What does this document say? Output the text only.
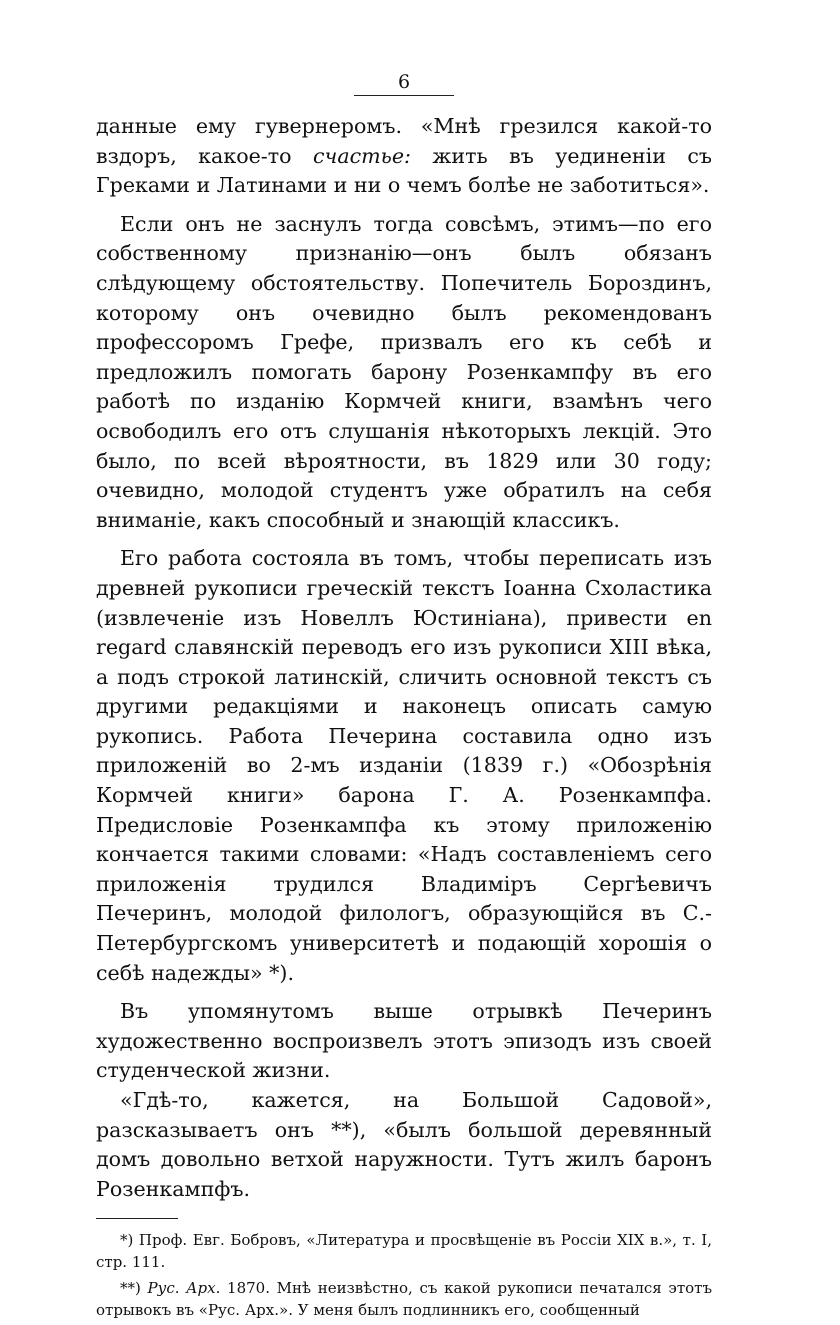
6

данные ему гувернеромъ. «Мнѣ грезился какой-то вздоръ, какое-то счастье: жить въ уединеніи съ Греками и Латинами и ни о чемъ болѣе не заботиться».

Если онъ не заснулъ тогда совсѣмъ, этимъ—по его собственному признанію—онъ былъ обязанъ слѣдующему обстоятельству. Попечитель Бороздинъ, которому онъ очевидно былъ рекомендованъ профессоромъ Грефе, призвалъ его къ себѣ и предложилъ помогать барону Розенкампфу въ его работѣ по изданію Кормчей книги, взамѣнъ чего освободилъ его отъ слушанія нѣкоторыхъ лекцій. Это было, по всей вѣроятности, въ 1829 или 30 году; очевидно, молодой студентъ уже обратилъ на себя вниманіе, какъ способный и знающій классикъ.

Его работа состояла въ томъ, чтобы переписать изъ древней рукописи греческій текстъ Іоанна Схоластика (извлеченіе изъ Новеллъ Юстиніана), привести en regard славянскій переводъ его изъ рукописи XIII вѣка, а подъ строкой латинскій, сличить основной текстъ съ другими редакціями и наконецъ описать самую рукопись. Работа Печерина составила одно изъ приложеній во 2-мъ изданіи (1839 г.) «Обозрѣнія Кормчей книги» барона Г. А. Розенкампфа. Предисловіе Розенкампфа къ этому приложенію кончается такими словами: «Надъ составленіемъ сего приложенія трудился Владиміръ Сергѣевичъ Печеринъ, молодой филологъ, образующійся въ С.-Петербургскомъ университетѣ и подающій хорошія о себѣ надежды» *).

Въ упомянутомъ выше отрывкѣ Печеринъ художественно воспроизвелъ этотъ эпизодъ изъ своей студенческой жизни.

«Гдѣ-то, кажется, на Большой Садовой», разсказываетъ онъ **), «былъ большой деревянный домъ довольно ветхой наружности. Тутъ жилъ баронъ Розенкампфъ.

*) Проф. Евг. Бобровъ, «Литература и просвѣщеніе въ Россіи XIX в.», т. I, стр. 111.

**) Рус. Арх. 1870. Мнѣ неизвѣстно, съ какой рукописи печатался этотъ отрывокъ въ «Рус. Арх.». У меня былъ подлинникъ его, сообщенный
